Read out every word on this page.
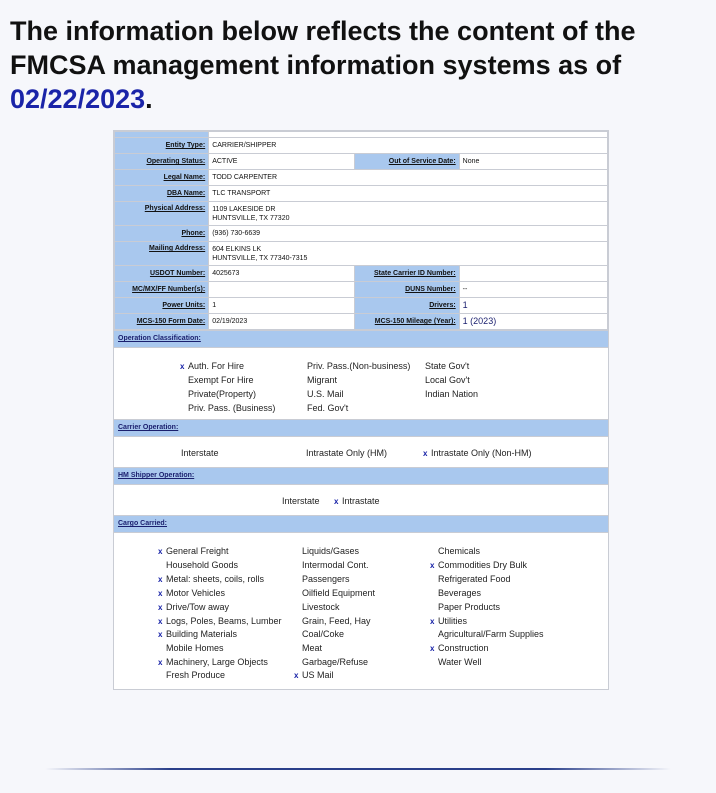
The information below reflects the content of the FMCSA management information systems as of 02/22/2023.

Entity Type:	CARRIER/SHIPPER		
Operating Status:	ACTIVE	Out of Service Date:	None
Legal Name:	TODD CARPENTER		
DBA Name:	TLC TRANSPORT		
Physical Address:	1109 LAKESIDE DR
HUNTSVILLE, TX 77320		

Phone:	(936) 730-6639		
Mailing Address:	604 ELKINS LK
HUNTSVILLE, TX 77340-7315		

USDOT Number:	4025673	State Carrier ID Number:	
MC/MX/FF Number(s):		DUNS Number:	--
Power Units:	1	Drivers:	1
MCS-150 Form Date:	02/19/2023	MCS-150 Mileage (Year):	1 (2023)
Operation Classification:
x Auth. For Hire
Exempt For Hire
Private(Property)
Priv. Pass. (Business)
Priv. Pass.(Non-business)
Migrant
U.S. Mail
Fed. Gov't
State Gov't
Local Gov't
Indian Nation
Carrier Operation:
Interstate	Intrastate Only (HM)	x Intrastate Only (Non-HM)
HM Shipper Operation:
Interstate x Intrastate
Cargo Carried:
x General Freight
Household Goods
x Metal: sheets, coils, rolls
x Motor Vehicles
x Drive/Tow away
x Logs, Poles, Beams, Lumber
x Building Materials
Mobile Homes
x Machinery, Large Objects
Fresh Produce
Liquids/Gases
Intermodal Cont.
Passengers
Oilfield Equipment
Livestock
Grain, Feed, Hay
Coal/Coke
Meat
Garbage/Refuse
x US Mail
Chemicals
x Commodities Dry Bulk
Refrigerated Food
Beverages
Paper Products
x Utilities
Agricultural/Farm Supplies
x Construction
Water Well
